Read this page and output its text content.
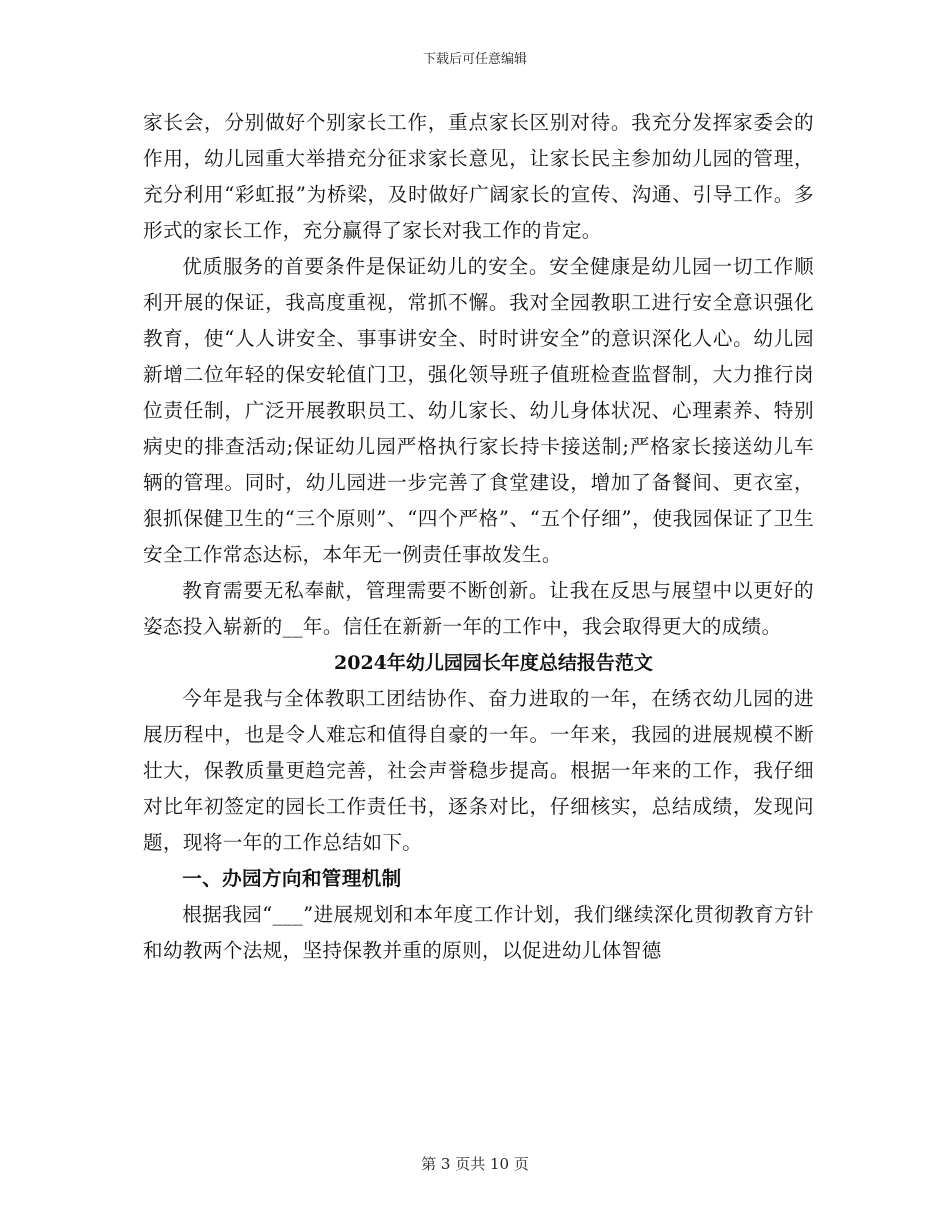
下载后可任意编辑

家长会，分别做好个别家长工作，重点家长区别对待。我充分发挥家委会的作用，幼儿园重大举措充分征求家长意见，让家长民主参加幼儿园的管理，充分利用“彩虹报”为桥梁，及时做好广阔家长的宣传、沟通、引导工作。多形式的家长工作，充分赢得了家长对我工作的肯定。

优质服务的首要条件是保证幼儿的安全。安全健康是幼儿园一切工作顺利开展的保证，我高度重视，常抓不懈。我对全园教职工进行安全意识强化教育，使“人人讲安全、事事讲安全、时时讲安全”的意识深化人心。幼儿园新增二位年轻的保安轮值门卫，强化领导班子值班检查监督制，大力推行岗位责任制，广泛开展教职员工、幼儿家长、幼儿身体状况、心理素养、特别病史的排查活动;保证幼儿园严格执行家长持卡接送制;严格家长接送幼儿车辆的管理。同时，幼儿园进一步完善了食堂建设，增加了备餐间、更衣室，狠抓保健卫生的“三个原则”、“四个严格”、“五个仔细”，使我园保证了卫生安全工作常态达标，本年无一例责任事故发生。

教育需要无私奉献，管理需要不断创新。让我在反思与展望中以更好的姿态投入崭新的__年。信任在新新一年的工作中，我会取得更大的成绩。

2024年幼儿园园长年度总结报告范文

今年是我与全体教职工团结协作、奋力进取的一年，在绣衣幼儿园的进展历程中，也是令人难忘和值得自豪的一年。一年来，我园的进展规模不断壮大，保教质量更趋完善，社会声誉稳步提高。根据一年来的工作，我仔细对比年初签定的园长工作责任书，逐条对比，仔细核实，总结成绩，发现问题，现将一年的工作总结如下。

一、办园方向和管理机制

根据我园“___”进展规划和本年度工作计划，我们继续深化贯彻教育方针和幼教两个法规，坚持保教并重的原则，以促进幼儿体智德

第 3 页共 10 页
